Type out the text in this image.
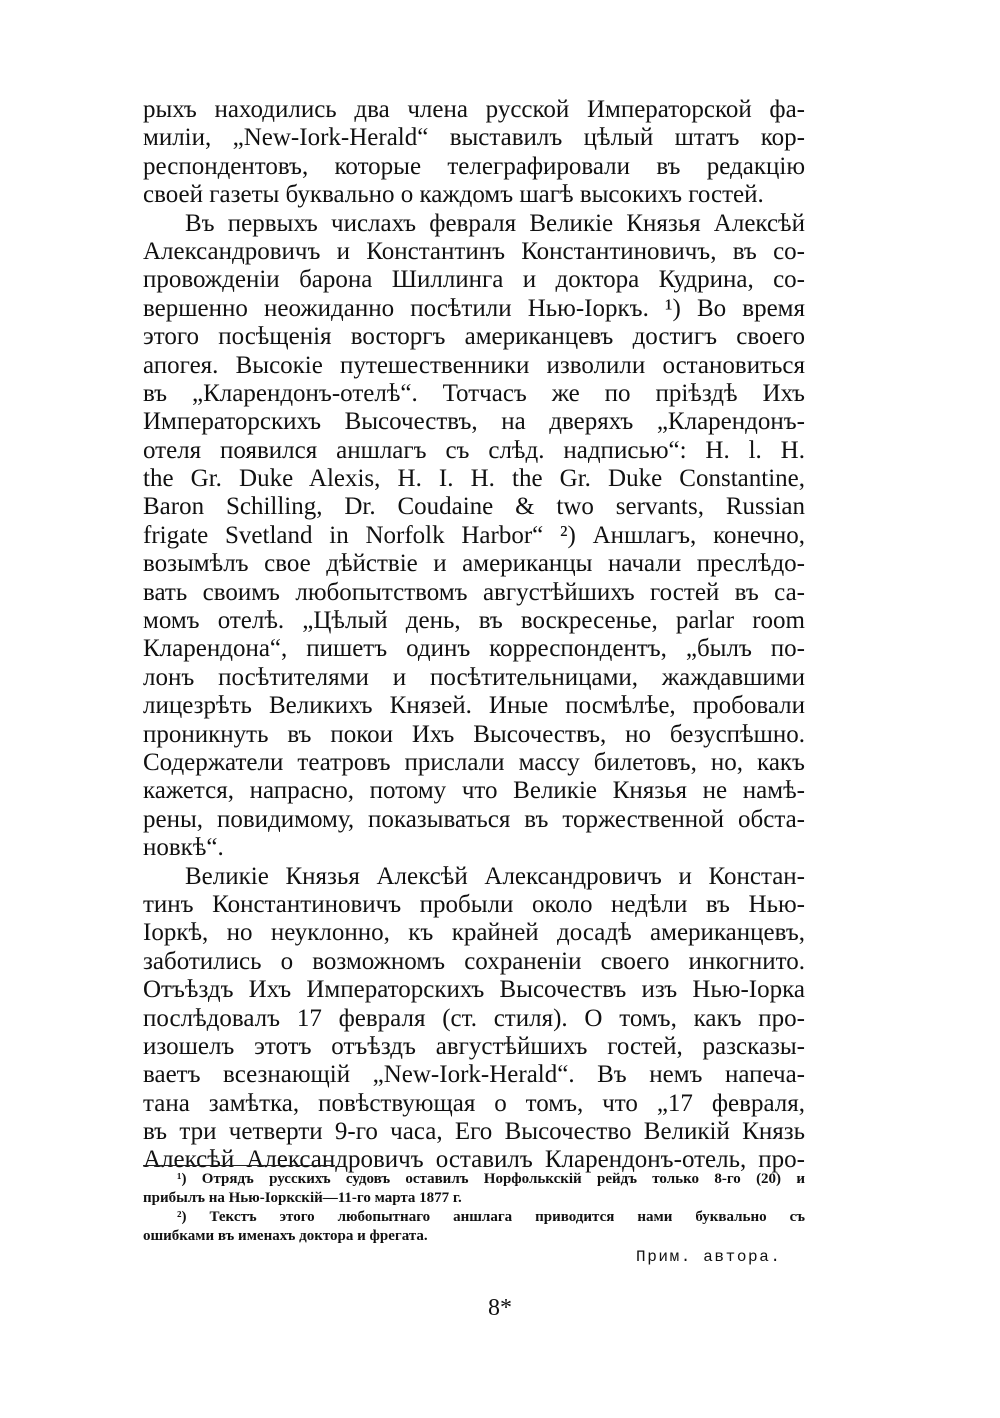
рыхъ находились два члена русской Императорской фа-
миліи, „New-Iork-Herald“ выставилъ цѣлый штатъ кор-
респондентовъ, которые телеграфировали въ редакцію
своей газеты буквально о каждомъ шагѣ высокихъ гостей.
Въ первыхъ числахъ февраля Великіе Князья Алексѣй
Александровичъ и Константинъ Константиновичъ, въ со-
провожденіи барона Шиллинга и доктора Кудрина, со-
вершенно неожиданно посѣтили Нью-Іоркъ. ¹) Во время
этого посѣщенія восторгъ американцевъ достигъ своего
апогея. Высокіе путешественники изволили остановиться
въ „Кларендонъ-отелѣ“. Тотчасъ же по пріѣздѣ Ихъ
Императорскихъ Высочествъ, на дверяхъ „Кларендонъ-
отеля появился аншлагъ съ слѣд. надписью“: H. l. H.
the Gr. Duke Alexis, H. I. H. the Gr. Duke Constantine,
Baron Schilling, Dr. Coudaine & two servants, Russian
frigate Svetland in Norfolk Harbor“ ²) Аншлагъ, конечно,
возымѣлъ свое дѣйствіе и американцы начали преслѣдо-
вать своимъ любопытствомъ августѣйшихъ гостей въ са-
момъ отелѣ. „Цѣлый день, въ воскресенье, parlar room
Кларендона“, пишетъ одинъ корреспондентъ, „былъ по-
лонъ посѣтителями и посѣтительницами, жаждавшими
лицезрѣть Великихъ Князей. Иные посмѣлѣе, пробовали
проникнуть въ покои Ихъ Высочествъ, но безуспѣшно.
Содержатели театровъ прислали массу билетовъ, но, какъ
кажется, напрасно, потому что Великіе Князья не намѣ-
рены, повидимому, показываться въ торжественной обста-
новкѣ“.
Великіе Князья Алексѣй Александровичъ и Констан-
тинъ Константиновичъ пробыли около недѣли въ Нью-
Іоркѣ, но неуклонно, къ крайней досадѣ американцевъ,
заботились о возможномъ сохраненіи своего инкогнито.
Отъѣздъ Ихъ Императорскихъ Высочествъ изъ Нью-Іорка
послѣдовалъ 17 февраля (ст. стиля). О томъ, какъ про-
изошелъ этотъ отъѣздъ августѣйшихъ гостей, разсказы-
ваетъ всезнающій „New-Iork-Herald“. Въ немъ напеча-
тана замѣтка, повѣствующая о томъ, что „17 февраля,
въ три четверти 9-го часа, Его Высочество Великій Князь
Алексѣй Александровичъ оставилъ Кларендонъ-отель, про-
¹) Отрядъ русскихъ судовъ оставилъ Норфолькскій рейдъ только 8-го (20) и
прибылъ на Нью-Іоркскій—11-го марта 1877 г.
²) Текстъ этого любопытнаго аншлага приводится нами буквально съ
ошибками въ именахъ доктора и фрегата.
Прим. автора.
8*
